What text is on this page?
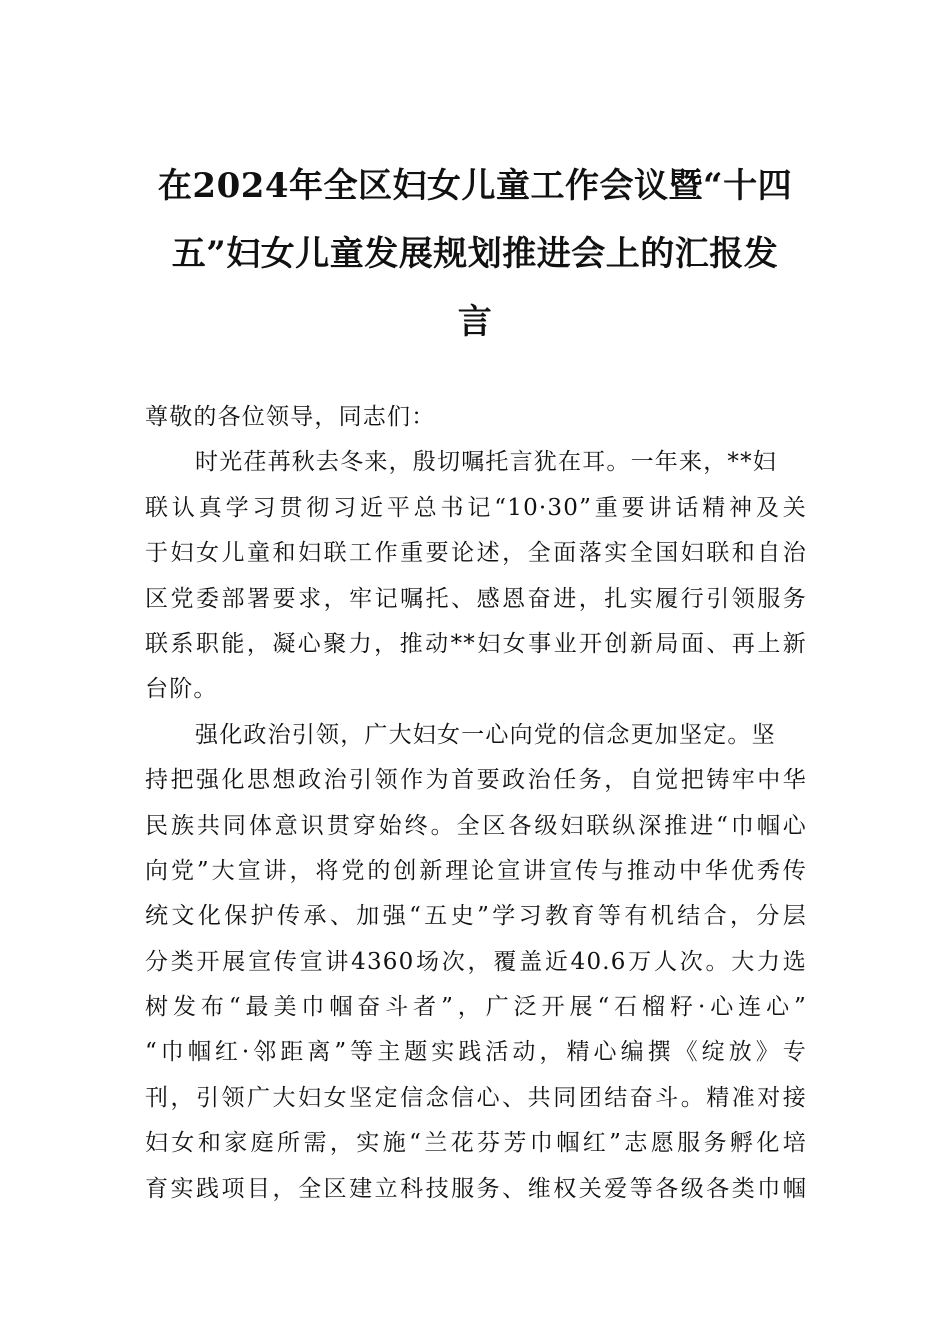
在2024年全区妇女儿童工作会议暨“十四
五”妇女儿童发展规划推进会上的汇报发
言
尊敬的各位领导，同志们：
时光荏苒秋去冬来，殷切嘱托言犹在耳。一年来，**妇
联认真学习贯彻习近平总书记“10·30”重要讲话精神及关
于妇女儿童和妇联工作重要论述，全面落实全国妇联和自治
区党委部署要求，牢记嘱托、感恩奋进，扎实履行引领服务
联系职能，凝心聚力，推动**妇女事业开创新局面、再上新
台阶。
强化政治引领，广大妇女一心向党的信念更加坚定。坚
持把强化思想政治引领作为首要政治任务，自觉把铸牢中华
民族共同体意识贯穿始终。全区各级妇联纵深推进“巾帼心
向党”大宣讲，将党的创新理论宣讲宣传与推动中华优秀传
统文化保护传承、加强“五史”学习教育等有机结合，分层
分类开展宣传宣讲4360场次，覆盖近40.6万人次。大力选
树发布“最美巾帼奋斗者”，广泛开展“石榴籽·心连心”
“巾帼红·邻距离”等主题实践活动，精心编撰《绽放》专
刊，引领广大妇女坚定信念信心、共同团结奋斗。精准对接
妇女和家庭所需，实施“兰花芬芳巾帼红”志愿服务孵化培
育实践项目，全区建立科技服务、维权关爱等各级各类巾帼
